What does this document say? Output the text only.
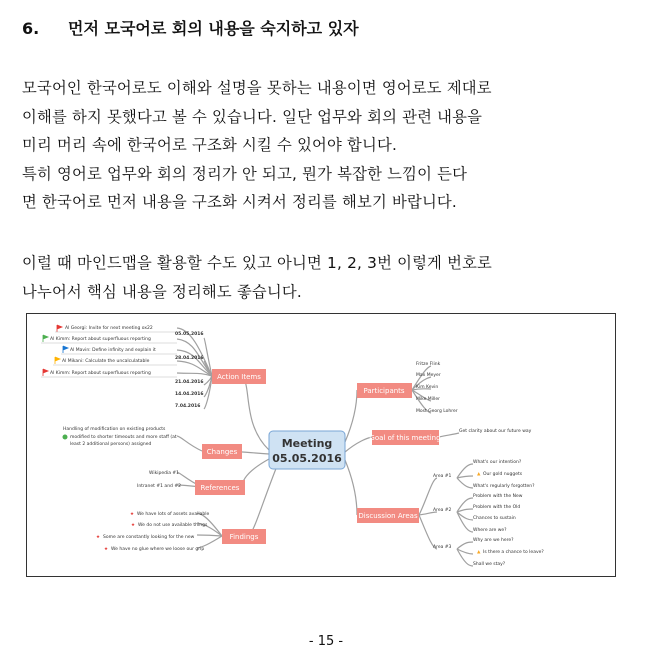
6. 먼저 모국어로 회의 내용을 숙지하고 있자
모국어인 한국어로도 이해와 설명을 못하는 내용이면 영어로도 제대로
이해를 하지 못했다고 볼 수 있습니다. 일단 업무와 회의 관련 내용을
미리 머리 속에 한국어로 구조화 시킬 수 있어야 합니다.
특히 영어로 업무와 회의 정리가 안 되고, 뭔가 복잡한 느낌이 든다
면 한국어로 먼저 내용을 구조화 시켜서 정리를 해보기 바랍니다.
이럴 때 마인드맵을 활용할 수도 있고 아니면 1, 2, 3번 이렇게 번호로
나누어서 핵심 내용을 정리해도 좋습니다.
Meeting
05.05.2016
Action Items
Changes
References
Findings
Participants
Goal of this meeting
Discussion Areas
Al Georgi: Invite for next meeting ox22
Al Kimm: Report about superfluous reporting
Al Mavin: Define infinity and explain it
Al Mikani: Calculate the uncalculatable
Al Kimm: Report about superfluous reporting
05.05.2016
28.04.2016
21.04.2016
14.04.2016
7.04.2016
Handling of modification on existing products
modified to shorter timeouts and more staff (at
least 2 additional persons) assigned
Wikipedia #1
Intranet #1 and #2
★ We have lots of assets available
★ We do not use available things
★ Some are constantly looking for the new
★ We have no glue where we loose our grip
Fritze Flink
Max Meyer
Kim Kevin
Mike Miller
Most Georg Lohrer
Get clarity about our future way
Area #1
What's our intention?
▲ Our gold nuggets
What's regularly forgotten?
Area #2
Problem with the New
Problem with the Old
Chances to sustain
Where are we?
Area #3
Why are we here?
▲ Is there a chance to leave?
Shall we stay?
- 15 -
